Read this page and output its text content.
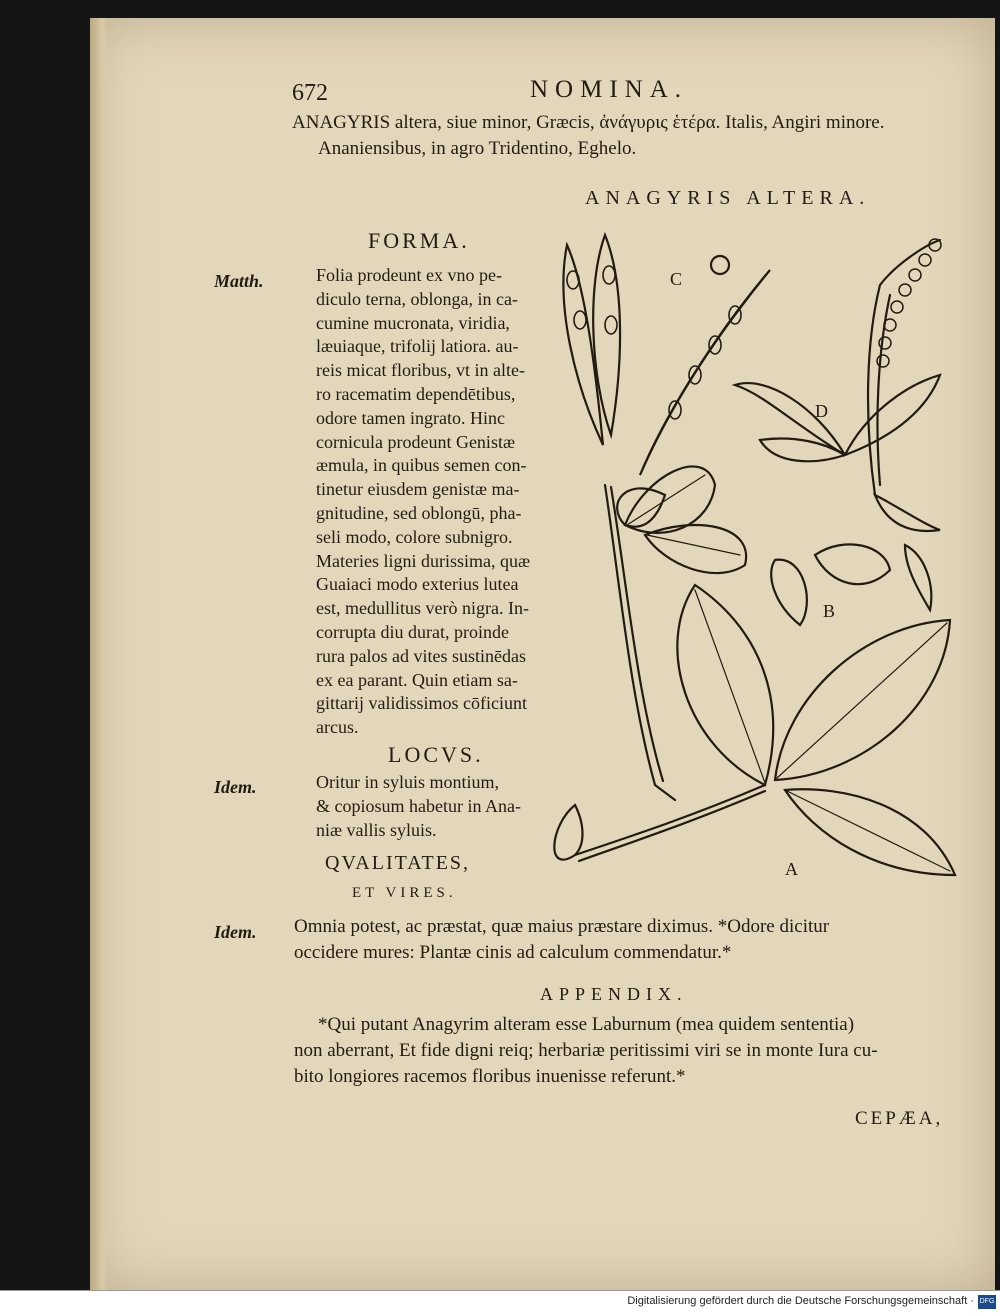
672	NOMINA.
ANAGYRIS altera, siue minor, Græcis, ἀνάγυρις ἑτέρα. Italis, Angiri minore.
Ananiensibus, in agro Tridentino, Eghelo.
ANAGYRIS ALTERA.
FORMA.
Matth.	Folia prodeunt ex vno pe-
diculo terna, oblonga, in ca-
cumine mucronata, viridia,
læuiaque, trifolij latiora. au-
reis micat floribus, vt in alte-
ro racematim dependētibus,
odore tamen ingrato. Hinc
cornicula prodeunt Genistæ
æmula, in quibus semen con-
tinetur eiusdem genistæ ma-
gnitudine, sed oblongū, pha-
seli modo, colore subnigro.
Materies ligni durissima, quæ
Guaiaci modo exterius lutea
est, medullitus verò nigra. In-
corrupta diu durat, proinde
rura palos ad vites sustinēdas
ex ea parant. Quin etiam sa-
gittarij validissimos cōficiunt
arcus.
LOCVS.
Idem.	Oritur in syluis montium,
& copiosum habetur in Ana-
niæ vallis syluis.
QVALITATES,
ET VIRES.
Idem. Omnia potest, ac præstat, quæ maius præstare diximus. *Odore dicitur
occidere mures: Plantæ cinis ad calculum commendatur.*
APPENDIX.
*Qui putant Anagyrim alteram esse Laburnum (mea quidem sententia)
non aberrant, Et fide digni reiq; herbariæ peritissimi viri se in monte Iura cu-
bito longiores racemos floribus inuenisse referunt.*
CEPÆA,
C
D
B
A
Digitalisierung gefördert durch die Deutsche Forschungsgemeinschaft · DFG
